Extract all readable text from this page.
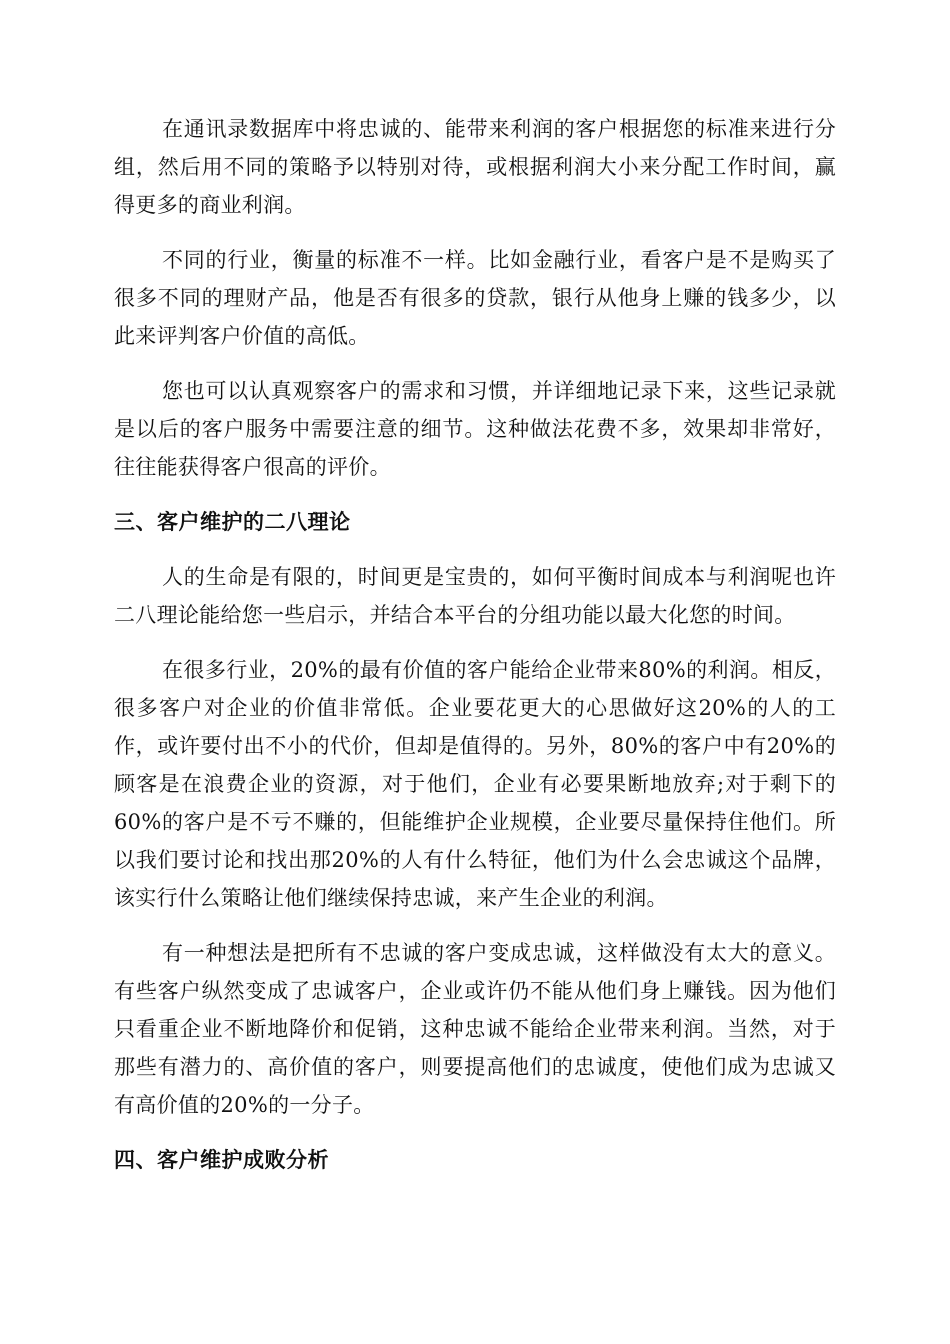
在通讯录数据库中将忠诚的、能带来利润的客户根据您的标准来进行分组，然后用不同的策略予以特别对待，或根据利润大小来分配工作时间，赢得更多的商业利润。

不同的行业，衡量的标准不一样。比如金融行业，看客户是不是购买了很多不同的理财产品，他是否有很多的贷款，银行从他身上赚的钱多少，以此来评判客户价值的高低。

您也可以认真观察客户的需求和习惯，并详细地记录下来，这些记录就是以后的客户服务中需要注意的细节。这种做法花费不多，效果却非常好，往往能获得客户很高的评价。

三、客户维护的二八理论

人的生命是有限的，时间更是宝贵的，如何平衡时间成本与利润呢也许二八理论能给您一些启示，并结合本平台的分组功能以最大化您的时间。

在很多行业，20%的最有价值的客户能给企业带来80%的利润。相反，很多客户对企业的价值非常低。企业要花更大的心思做好这20%的人的工作，或许要付出不小的代价，但却是值得的。另外，80%的客户中有20%的顾客是在浪费企业的资源，对于他们，企业有必要果断地放弃;对于剩下的60%的客户是不亏不赚的，但能维护企业规模，企业要尽量保持住他们。所以我们要讨论和找出那20%的人有什么特征，他们为什么会忠诚这个品牌，该实行什么策略让他们继续保持忠诚，来产生企业的利润。

有一种想法是把所有不忠诚的客户变成忠诚，这样做没有太大的意义。有些客户纵然变成了忠诚客户，企业或许仍不能从他们身上赚钱。因为他们只看重企业不断地降价和促销，这种忠诚不能给企业带来利润。当然，对于那些有潜力的、高价值的客户，则要提高他们的忠诚度，使他们成为忠诚又有高价值的20%的一分子。

四、客户维护成败分析
